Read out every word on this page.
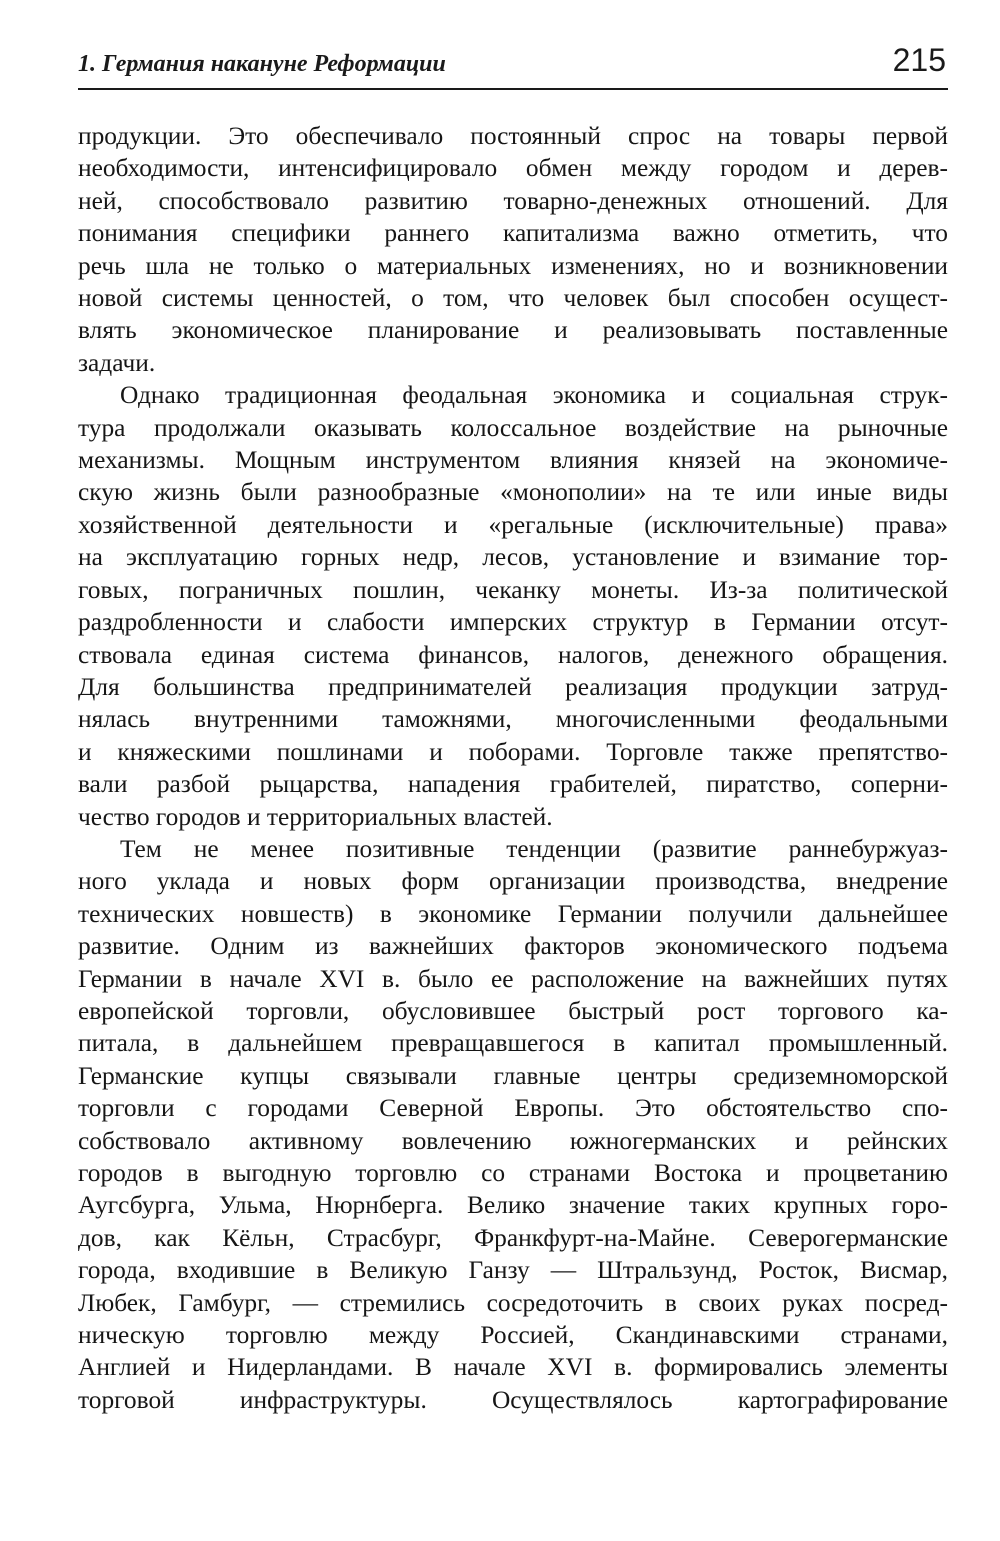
1. Германия накануне Реформации	215

продукции. Это обеспечивало постоянный спрос на товары первой
необходимости, интенсифицировало обмен между городом и дерев-
ней, способствовало развитию товарно-денежных отношений. Для
понимания специфики раннего капитализма важно отметить, что
речь шла не только о материальных изменениях, но и возникновении
новой системы ценностей, о том, что человек был способен осущест-
влять экономическое планирование и реализовывать поставленные
задачи.

Однако традиционная феодальная экономика и социальная струк-
тура продолжали оказывать колоссальное воздействие на рыночные
механизмы. Мощным инструментом влияния князей на экономиче-
скую жизнь были разнообразные «монополии» на те или иные виды
хозяйственной деятельности и «регальные (исключительные) права»
на эксплуатацию горных недр, лесов, установление и взимание тор-
говых, пограничных пошлин, чеканку монеты. Из-за политической
раздробленности и слабости имперских структур в Германии отсут-
ствовала единая система финансов, налогов, денежного обращения.
Для большинства предпринимателей реализация продукции затруд-
нялась внутренними таможнями, многочисленными феодальными
и княжескими пошлинами и поборами. Торговле также препятство-
вали разбой рыцарства, нападения грабителей, пиратство, соперни-
чество городов и территориальных властей.

Тем не менее позитивные тенденции (развитие раннебуржуаз-
ного уклада и новых форм организации производства, внедрение
технических новшеств) в экономике Германии получили дальнейшее
развитие. Одним из важнейших факторов экономического подъема
Германии в начале XVI в. было ее расположение на важнейших путях
европейской торговли, обусловившее быстрый рост торгового ка-
питала, в дальнейшем превращавшегося в капитал промышленный.
Германские купцы связывали главные центры средиземноморской
торговли с городами Северной Европы. Это обстоятельство спо-
собствовало активному вовлечению южногерманских и рейнских
городов в выгодную торговлю со странами Востока и процветанию
Аугсбурга, Ульма, Нюрнберга. Велико значение таких крупных горо-
дов, как Кёльн, Страсбург, Франкфурт-на-Майне. Северогерманские
города, входившие в Великую Ганзу — Штральзунд, Росток, Висмар,
Любек, Гамбург, — стремились сосредоточить в своих руках посред-
ническую торговлю между Россией, Скандинавскими странами,
Англией и Нидерландами. В начале XVI в. формировались элементы
торговой инфраструктуры. Осуществлялось картографирование
